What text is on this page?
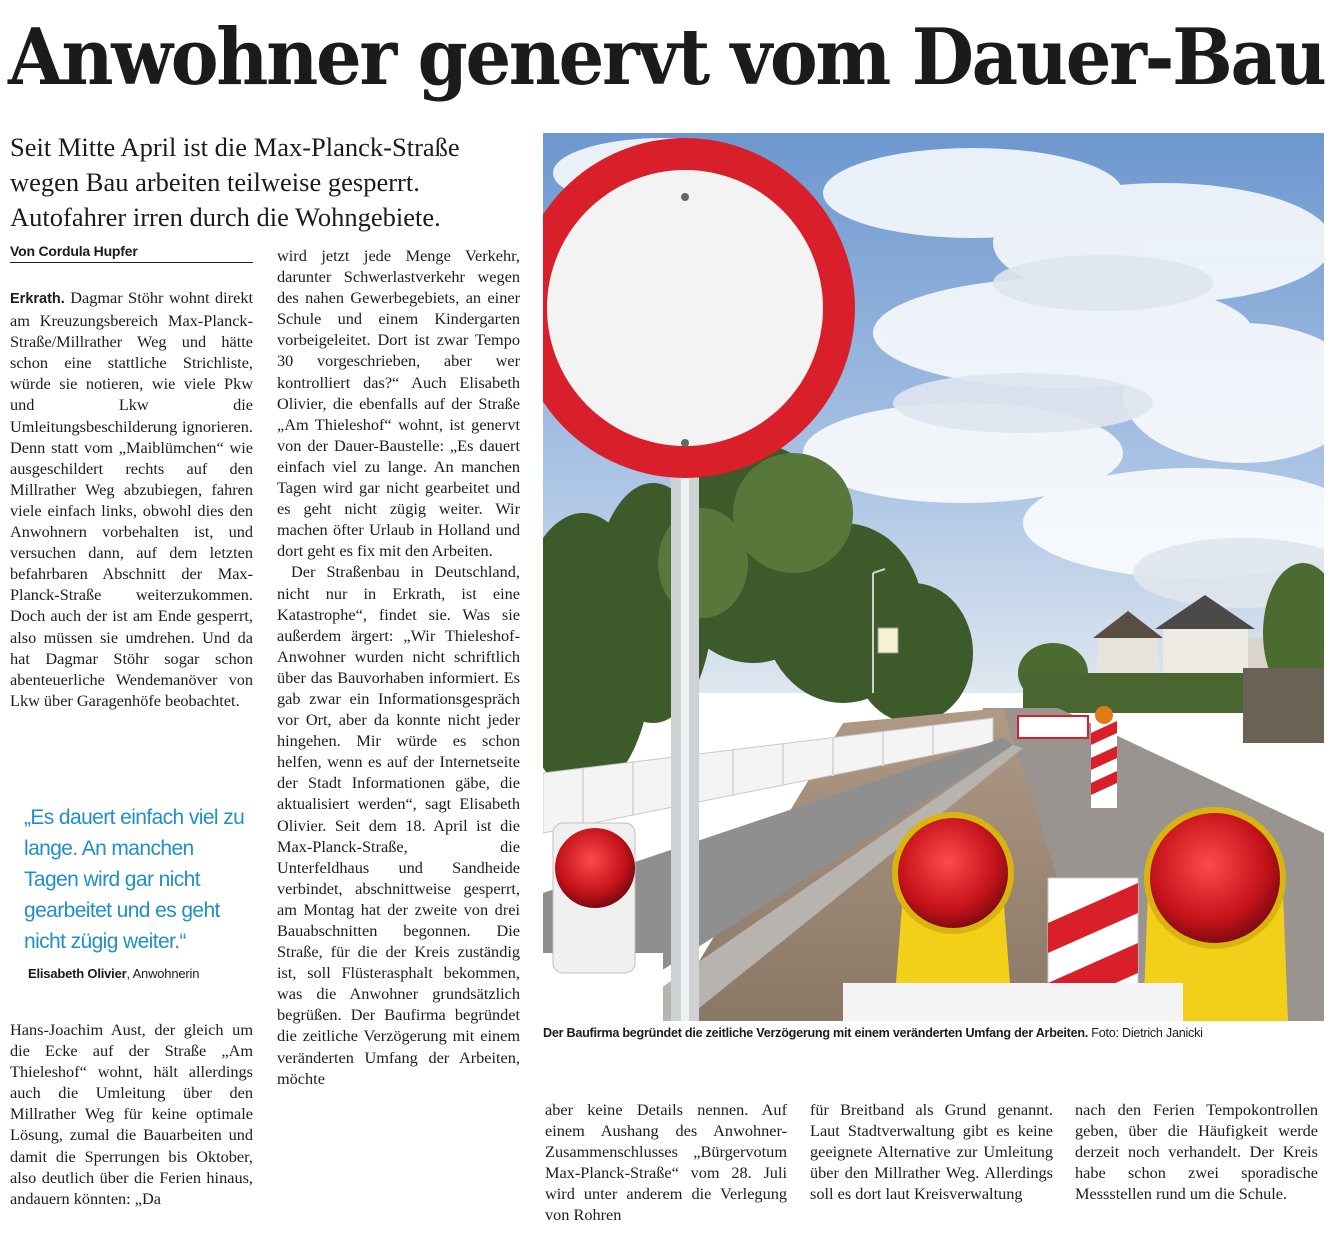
Anwohner genervt vom Dauer-Bau
Seit Mitte April ist die Max-Planck-Straße
wegen Bau arbeiten teilweise gesperrt.
Autofahrer irren durch die Wohngebiete.
Von Cordula Hupfer

Erkrath. Dagmar Stöhr wohnt direkt am Kreuzungsbereich Max-Planck-Straße/Millrather Weg und hätte schon eine stattliche Strichliste, würde sie notieren, wie viele Pkw und Lkw die Umleitungsbeschilderung ignorieren. Denn statt vom „Maiblümchen“ wie ausgeschildert rechts auf den Millrather Weg abzubiegen, fahren viele einfach links, obwohl dies den Anwohnern vorbehalten ist, und versuchen dann, auf dem letzten befahrbaren Abschnitt der Max-Planck-Straße weiterzukommen. Doch auch der ist am Ende gesperrt, also müssen sie umdrehen. Und da hat Dagmar Stöhr sogar schon abenteuerliche Wendemanöver von Lkw über Garagenhöfe beobachtet.

„Es dauert einfach viel zu lange. An manchen Tagen wird gar nicht gearbeitet und es geht nicht zügig weiter.“
Elisabeth Olivier, Anwohnerin

Hans-Joachim Aust, der gleich um die Ecke auf der Straße „Am Thieleshof“ wohnt, hält allerdings auch die Umleitung über den Millrather Weg für keine optimale Lösung, zumal die Bauarbeiten und damit die Sperrungen bis Oktober, also deutlich über die Ferien hinaus, andauern könnten: „Da

wird jetzt jede Menge Verkehr, darunter Schwerlastverkehr wegen des nahen Gewerbegebiets, an einer Schule und einem Kindergarten vorbeigeleitet. Dort ist zwar Tempo 30 vorgeschrieben, aber wer kontrolliert das?“ Auch Elisabeth Olivier, die ebenfalls auf der Straße „Am Thieleshof“ wohnt, ist genervt von der Dauer-Baustelle: „Es dauert einfach viel zu lange. An manchen Tagen wird gar nicht gearbeitet und es geht nicht zügig weiter. Wir machen öfter Urlaub in Holland und dort geht es fix mit den Arbeiten.

Der Straßenbau in Deutschland, nicht nur in Erkrath, ist eine Katastrophe“, findet sie. Was sie außerdem ärgert: „Wir Thieleshof-Anwohner wurden nicht schriftlich über das Bauvorhaben informiert. Es gab zwar ein Informationsgespräch vor Ort, aber da konnte nicht jeder hingehen. Mir würde es schon helfen, wenn es auf der Internetseite der Stadt Informationen gäbe, die aktualisiert werden“, sagt Elisabeth Olivier. Seit dem 18. April ist die Max-Planck-Straße, die Unterfeldhaus und Sandheide verbindet, abschnittweise gesperrt, am Montag hat der zweite von drei Bauabschnitten begonnen. Die Straße, für die der Kreis zuständig ist, soll Flüsterasphalt bekommen, was die Anwohner grundsätzlich begrüßen. Der Baufirma begründet die zeitliche Verzögerung mit einem veränderten Umfang der Arbeiten, möchte

Der Baufirma begründet die zeitliche Verzögerung mit einem veränderten Umfang der Arbeiten. Foto: Dietrich Janicki

aber keine Details nennen. Auf einem Aushang des Anwohner-Zusammenschlusses „Bürgervotum Max-Planck-Straße“ vom 28. Juli wird unter anderem die Verlegung von Rohren

für Breitband als Grund genannt. Laut Stadtverwaltung gibt es keine geeignete Alternative zur Umleitung über den Millrather Weg. Allerdings soll es dort laut Kreisverwaltung

nach den Ferien Tempokontrollen geben, über die Häufigkeit werde derzeit noch verhandelt. Der Kreis habe schon zwei sporadische Messstellen rund um die Schule.
